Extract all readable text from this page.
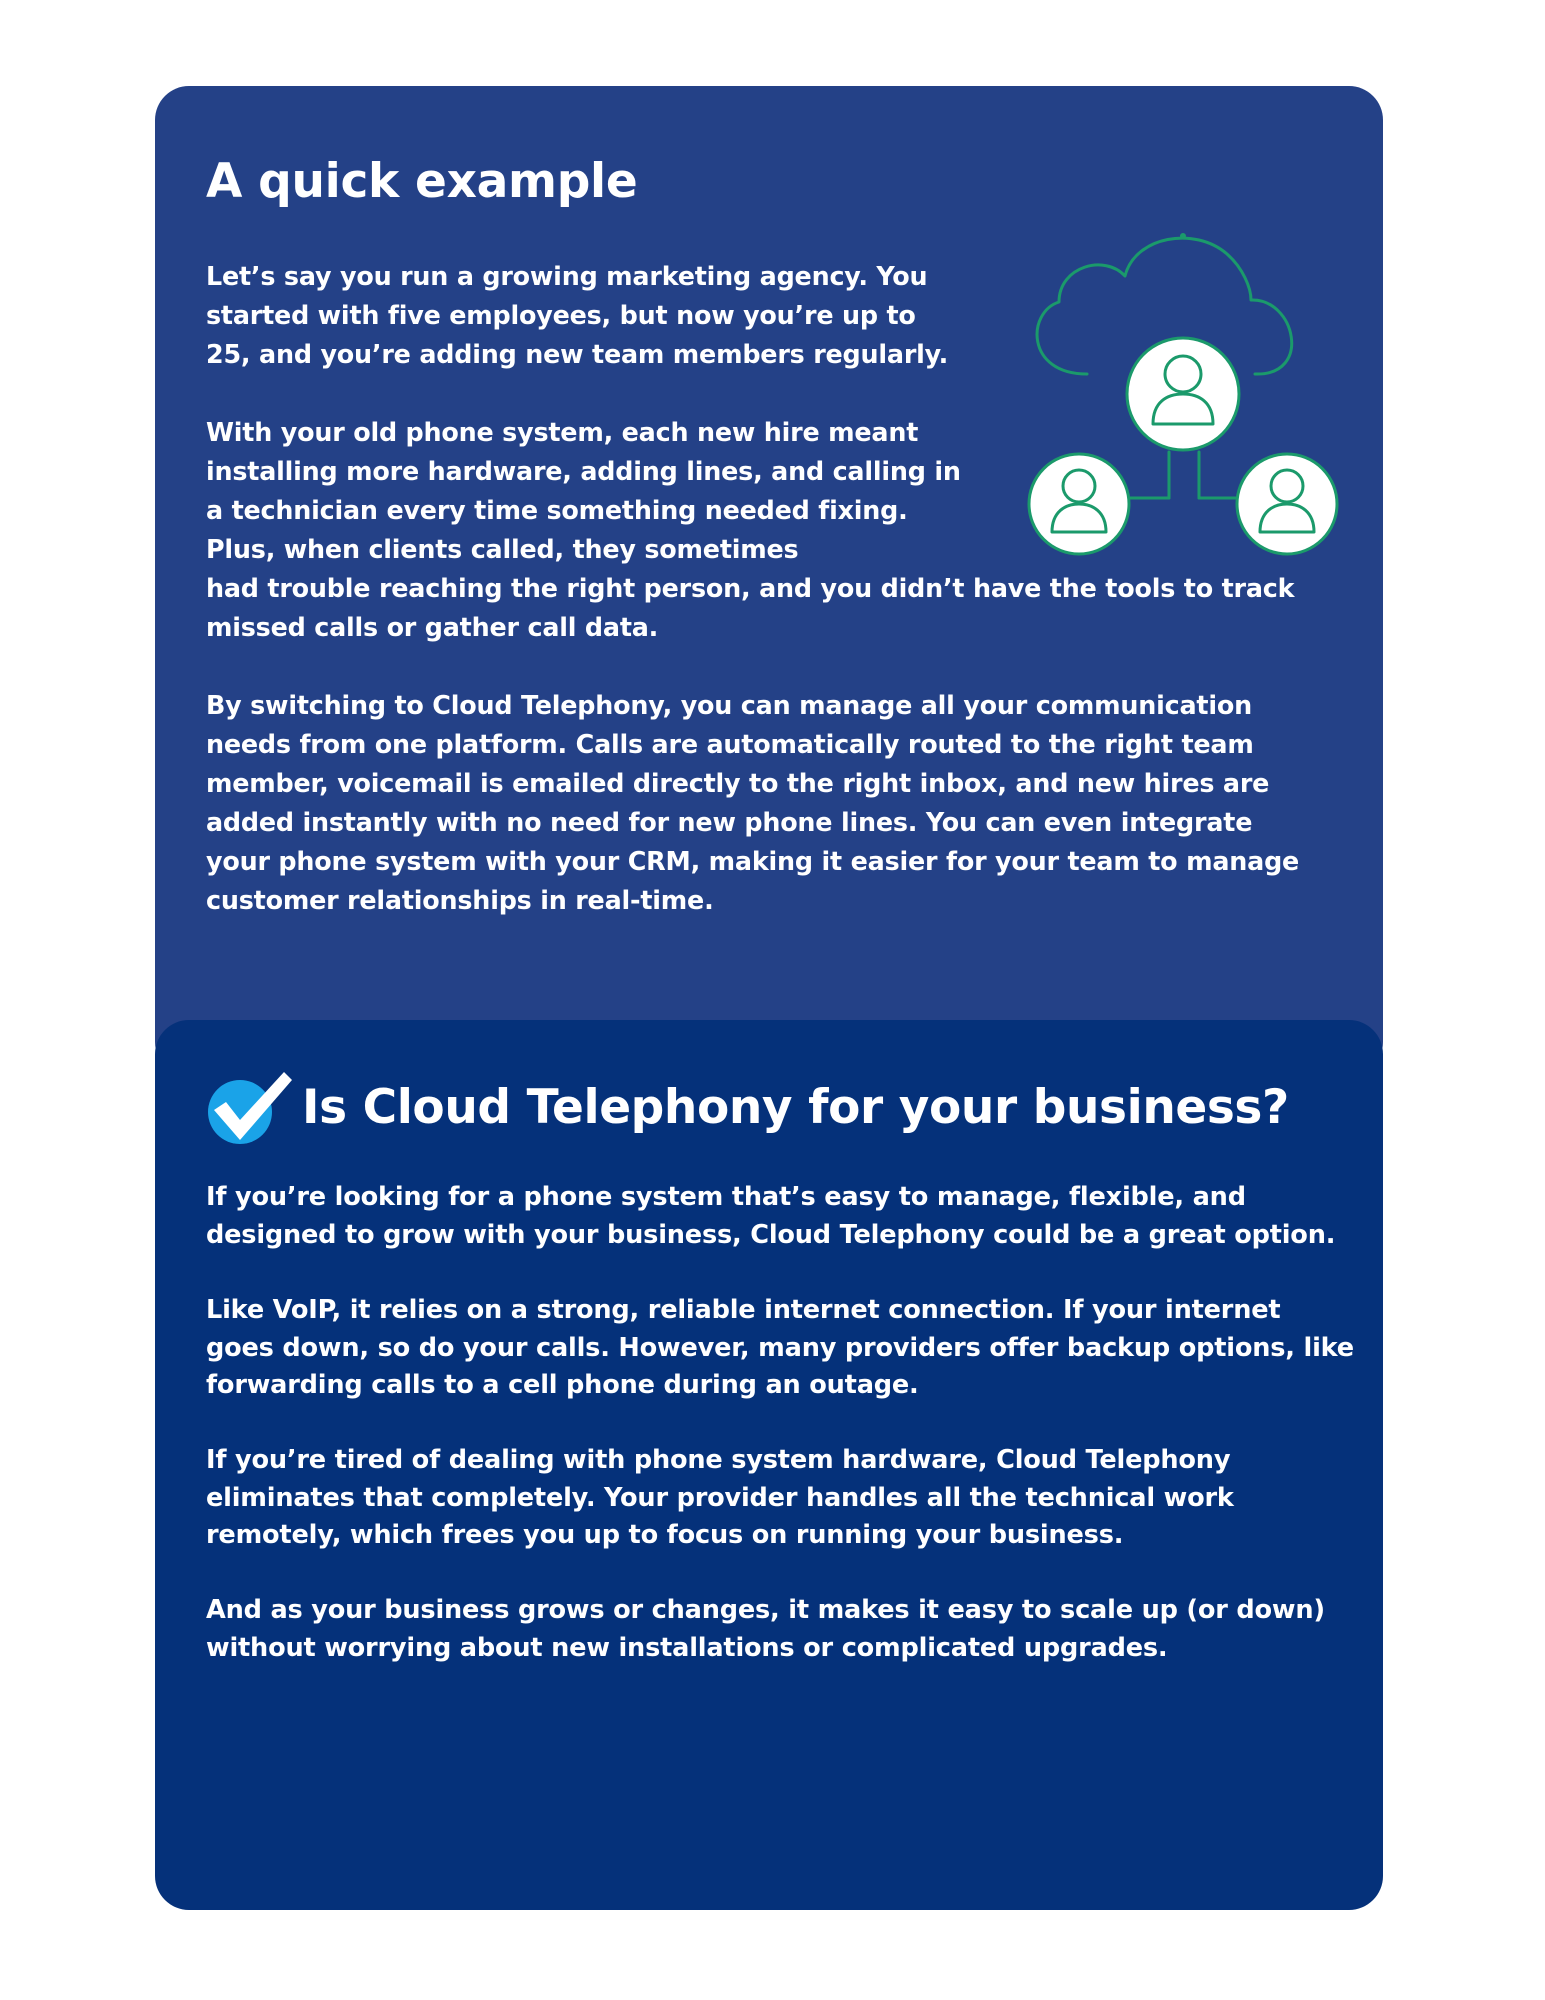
A quick example

Let’s say you run a growing marketing agency. You started with five employees, but now you’re up to 25, and you’re adding new team members regularly.

With your old phone system, each new hire meant installing more hardware, adding lines, and calling in a technician every time something needed fixing. Plus, when clients called, they sometimes

had trouble reaching the right person, and you didn’t have the tools to track missed calls or gather call data.

By switching to Cloud Telephony, you can manage all your communication needs from one platform. Calls are automatically routed to the right team member, voicemail is emailed directly to the right inbox, and new hires are added instantly with no need for new phone lines. You can even integrate your phone system with your CRM, making it easier for your team to manage customer relationships in real-time.

Is Cloud Telephony for your business?

If you’re looking for a phone system that’s easy to manage, flexible, and designed to grow with your business, Cloud Telephony could be a great option.

Like VoIP, it relies on a strong, reliable internet connection. If your internet goes down, so do your calls. However, many providers offer backup options, like forwarding calls to a cell phone during an outage.

If you’re tired of dealing with phone system hardware, Cloud Telephony eliminates that completely. Your provider handles all the technical work remotely, which frees you up to focus on running your business.

And as your business grows or changes, it makes it easy to scale up (or down) without worrying about new installations or complicated upgrades.
